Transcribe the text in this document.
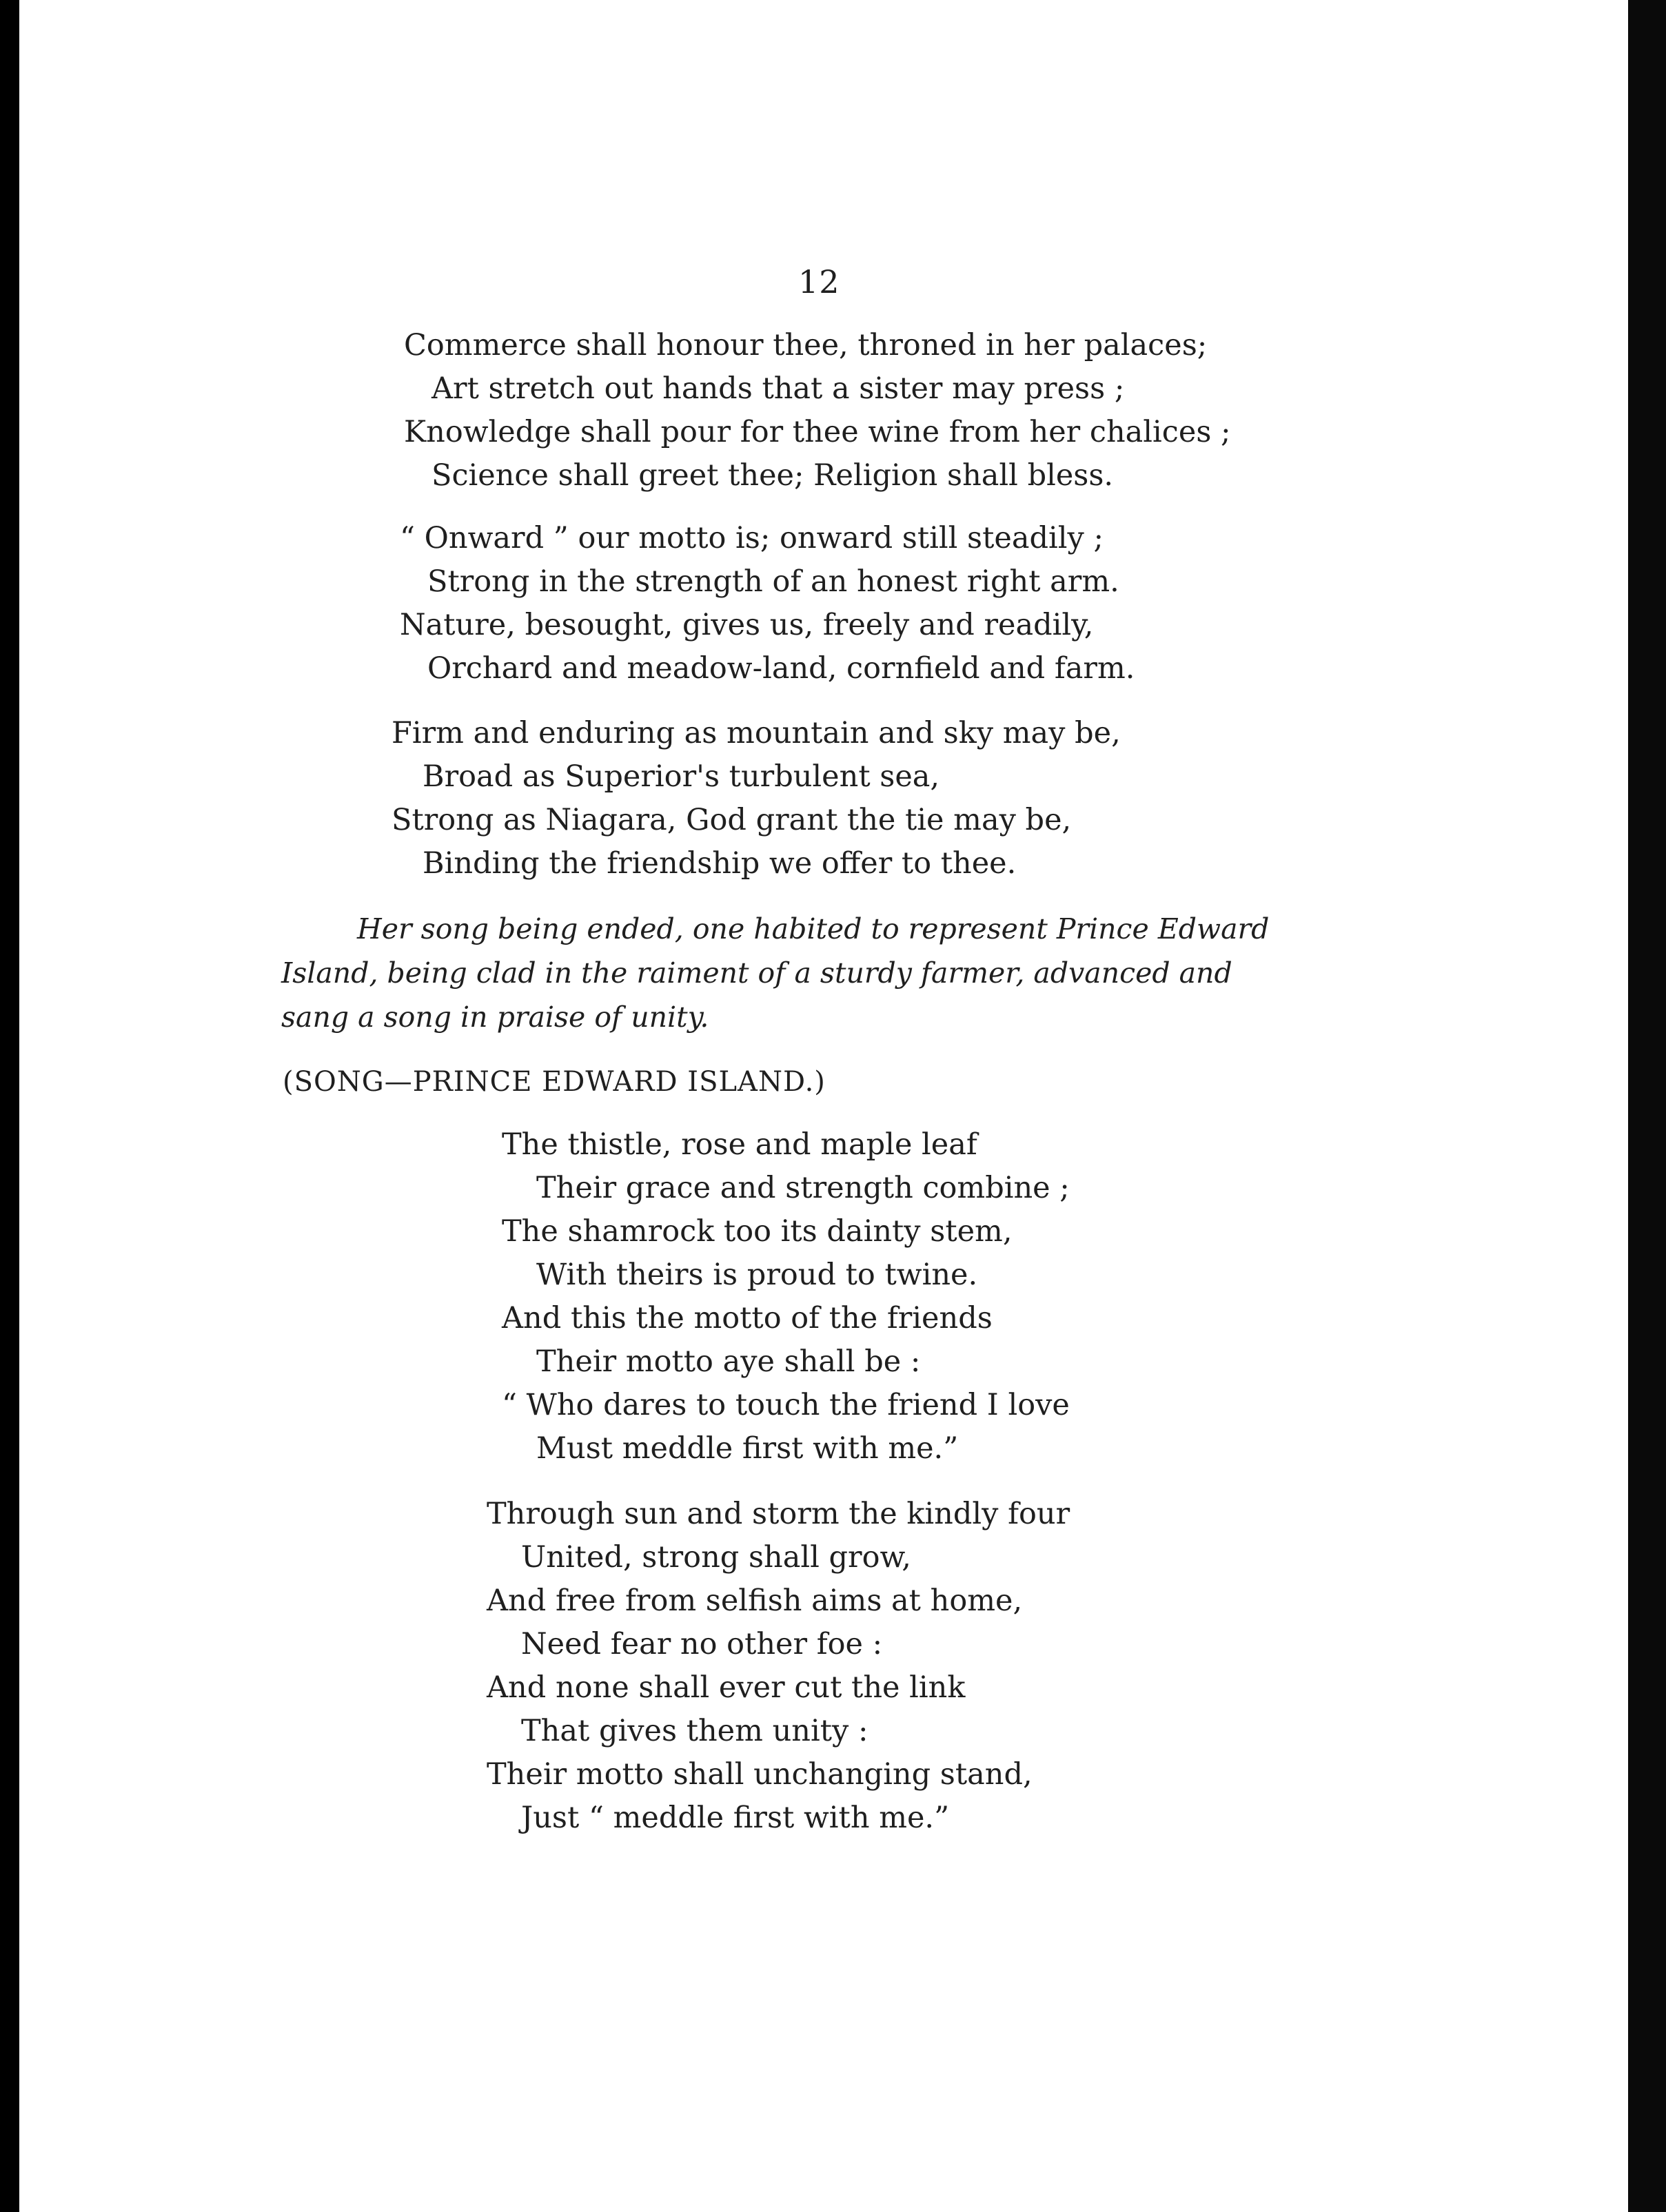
12
Commerce shall honour thee, throned in her palaces;
Art stretch out hands that a sister may press ;
Knowledge shall pour for thee wine from her chalices ;
Science shall greet thee; Religion shall bless.
“ Onward ” our motto is; onward still steadily ;
Strong in the strength of an honest right arm.
Nature, besought, gives us, freely and readily,
Orchard and meadow-land, cornfield and farm.
Firm and enduring as mountain and sky may be,
Broad as Superior's turbulent sea,
Strong as Niagara, God grant the tie may be,
Binding the friendship we offer to thee.
Her song being ended, one habited to represent Prince Edward
Island, being clad in the raiment of a sturdy farmer, advanced and
sang a song in praise of unity.
(SONG—PRINCE EDWARD ISLAND.)
The thistle, rose and maple leaf
Their grace and strength combine ;
The shamrock too its dainty stem,
With theirs is proud to twine.
And this the motto of the friends
Their motto aye shall be :
“ Who dares to touch the friend I love
Must meddle first with me.”
Through sun and storm the kindly four
United, strong shall grow,
And free from selfish aims at home,
Need fear no other foe :
And none shall ever cut the link
That gives them unity :
Their motto shall unchanging stand,
Just “ meddle first with me.”
